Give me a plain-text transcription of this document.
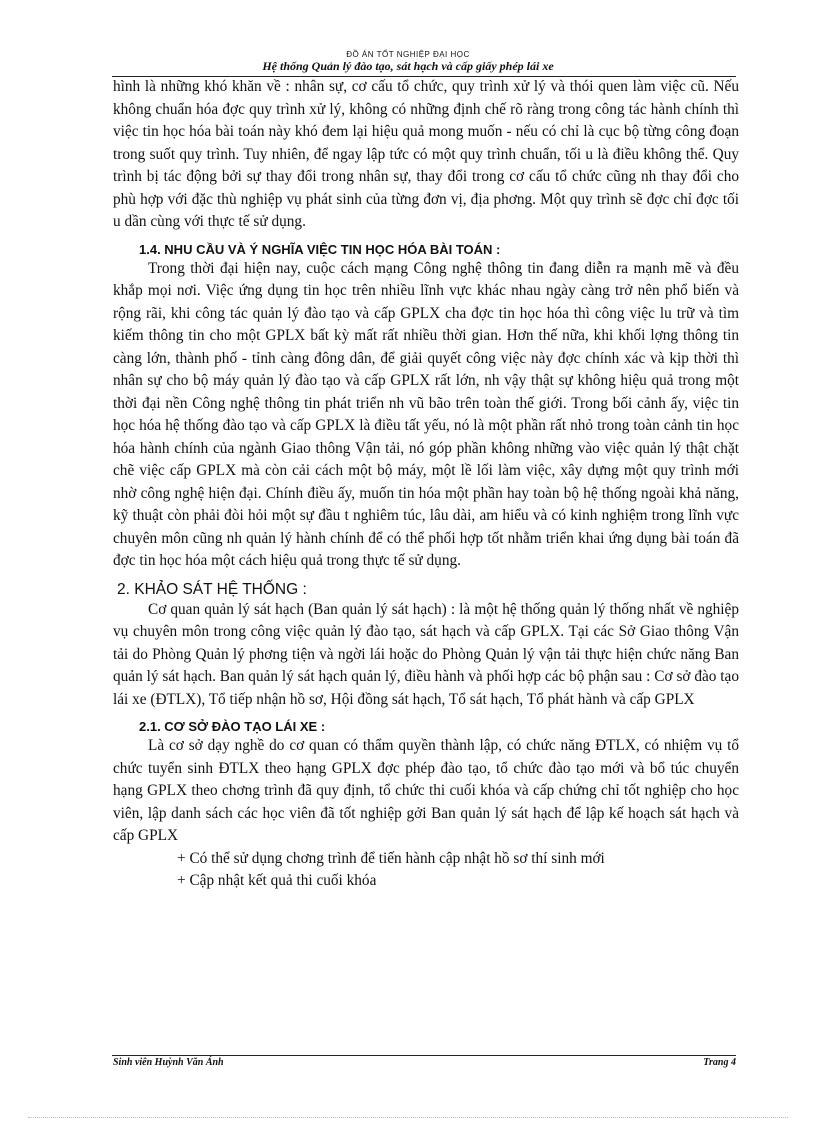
ĐỒ ÁN TỐT NGHIỆP ĐẠI HỌC
Hệ thống Quản lý đào tạo, sát hạch và cấp giấy phép lái xe

hình là những khó khăn về : nhân sự, cơ cấu tổ chức, quy trình xử lý và thói quen làm việc cũ. Nếu không chuẩn hóa đợc quy trình xử lý, không có những định chế rõ ràng trong công tác hành chính thì việc tin học hóa bài toán này khó đem lại hiệu quả mong muốn - nếu có chỉ là cục bộ từng công đoạn trong suốt quy trình. Tuy nhiên, để ngay lập tức có một quy trình chuẩn, tối u là điều không thể. Quy trình bị tác động bởi sự thay đổi trong nhân sự, thay đổi trong cơ cấu tổ chức cũng nh thay đổi cho phù hợp với đặc thù nghiệp vụ phát sinh của từng đơn vị, địa phơng. Một quy trình sẽ đợc chỉ đợc tối u dần cùng với thực tế sử dụng.

1.4. NHU CẦU VÀ Ý NGHĨA VIỆC TIN HỌC HÓA BÀI TOÁN :

Trong thời đại hiện nay, cuộc cách mạng Công nghệ thông tin đang diễn ra mạnh mẽ và đều khắp mọi nơi. Việc ứng dụng tin học trên nhiều lĩnh vực khác nhau ngày càng trở nên phổ biến và rộng rãi, khi công tác quản lý đào tạo và cấp GPLX cha đợc tin học hóa thì công việc lu trữ và tìm kiếm thông tin cho một GPLX bất kỳ mất rất nhiều thời gian. Hơn thế nữa, khi khối lợng thông tin càng lớn, thành phố - tỉnh càng đông dân, để giải quyết công việc này đợc chính xác và kịp thời thì nhân sự cho bộ máy quản lý đào tạo và cấp GPLX rất lớn, nh vậy thật sự không hiệu quả trong một thời đại nền Công nghệ thông tin phát triển nh vũ bão trên toàn thế giới. Trong bối cảnh ấy, việc tin học hóa hệ thống đào tạo và cấp GPLX là điều tất yếu, nó là một phần rất nhỏ trong toàn cảnh tin học hóa hành chính của ngành Giao thông Vận tải, nó góp phần không những vào việc quản lý thật chặt chẽ việc cấp GPLX mà còn cải cách một bộ máy, một lề lối làm việc, xây dựng một quy trình mới nhờ công nghệ hiện đại. Chính điều ấy, muốn tin hóa một phần hay toàn bộ hệ thống ngoài khả năng, kỹ thuật còn phải đòi hỏi một sự đầu t nghiêm túc, lâu dài, am hiểu và có kinh nghiệm trong lĩnh vực chuyên môn cũng nh quản lý hành chính để có thể phối hợp tốt nhằm triển khai ứng dụng bài toán đã đợc tin học hóa một cách hiệu quả trong thực tế sử dụng.

2. KHẢO SÁT HỆ THỐNG :

Cơ quan quản lý sát hạch (Ban quản lý sát hạch) : là một hệ thống quản lý thống nhất về nghiệp vụ chuyên môn trong công việc quản lý đào tạo, sát hạch và cấp GPLX. Tại các Sở Giao thông Vận tải do Phòng Quản lý phơng tiện và ngời lái hoặc do Phòng Quản lý vận tải thực hiện chức năng Ban quản lý sát hạch. Ban quản lý sát hạch quản lý, điều hành và phối hợp các bộ phận sau : Cơ sở đào tạo lái xe (ĐTLX), Tổ tiếp nhận hồ sơ, Hội đồng sát hạch, Tổ sát hạch, Tổ phát hành và cấp GPLX

2.1. CƠ SỞ ĐÀO TẠO LÁI XE :

Là cơ sở dạy nghề do cơ quan có thẩm quyền thành lập, có chức năng ĐTLX, có nhiệm vụ tổ chức tuyển sinh ĐTLX theo hạng GPLX đợc phép đào tạo, tổ chức đào tạo mới và bổ túc chuyển hạng GPLX theo chơng trình đã quy định, tổ chức thi cuối khóa và cấp chứng chỉ tốt nghiệp cho học viên, lập danh sách các học viên đã tốt nghiệp gởi Ban quản lý sát hạch để lập kế hoạch sát hạch và cấp GPLX

+ Có thể sử dụng chơng trình để tiến hành cập nhật hồ sơ thí sinh mới
+ Cập nhật kết quả thi cuối khóa
Sinh viên Huỳnh Văn Ánh	Trang 4
